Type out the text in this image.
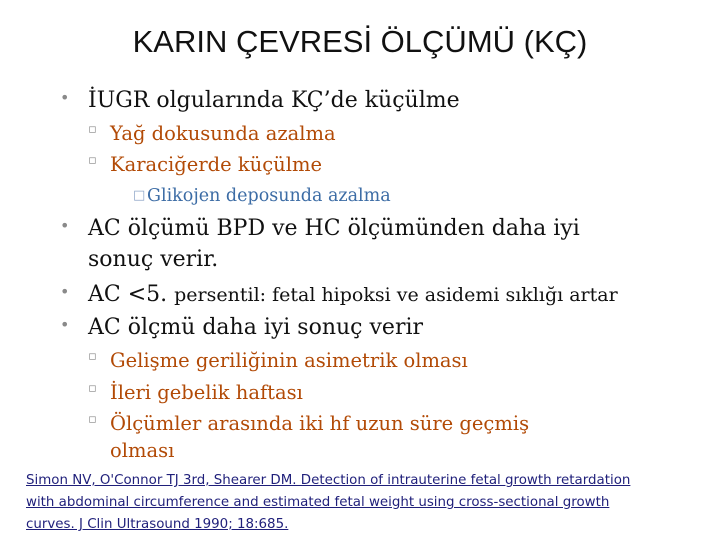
KARIN ÇEVRESİ ÖLÇÜMÜ (KÇ)
• İUGR olgularında KÇ’de küçülme
▫ Yağ dokusunda azalma
▫ Karaciğerde küçülme
□ Glikojen deposunda azalma
• AC ölçümü BPD ve HC ölçümünden daha iyi
sonuç verir.
• AC <5. persentil: fetal hipoksi ve asidemi sıklığı artar
• AC ölçmü daha iyi sonuç verir
▫ Gelişme geriliğinin asimetrik olması
▫ İleri gebelik haftası
▫ Ölçümler arasında iki hf uzun süre geçmiş
olması
Simon NV, O'Connor TJ 3rd, Shearer DM. Detection of intrauterine fetal growth retardation
with abdominal circumference and estimated fetal weight using cross-sectional growth
curves. J Clin Ultrasound 1990; 18:685.
